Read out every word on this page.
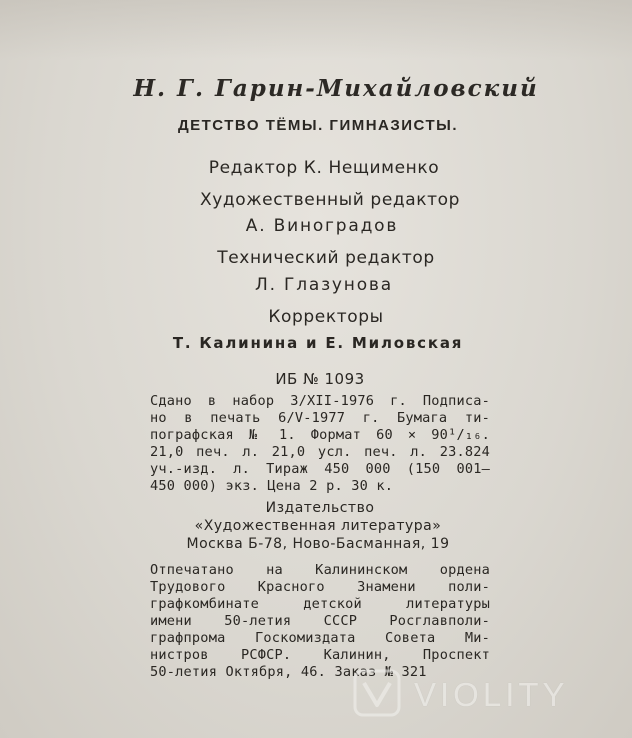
Н. Г. Гарин-Михайловский

ДЕТСТВО ТЁМЫ. ГИМНАЗИСТЫ.

Редактор К. Нещименко

Художественный редактор

А. Виноградов

Технический редактор

Л. Глазунова

Корректоры

Т. Калинина и Е. Миловская

ИБ № 1093

Сдано в набор 3/XII-1976 г. Подписа-
но в печать 6/V-1977 г. Бумага ти-
пографская № 1. Формат 60 × 90¹/₁₆.
21,0 печ. л. 21,0 усл. печ. л. 23.824
уч.-изд. л. Тираж 450 000 (150 001—
450 000) экз. Цена 2 р. 30 к.

Издательство

«Художественная литература»

Москва Б-78, Ново-Басманная, 19

Отпечатано на Калининском ордена
Трудового Красного Знамени поли-
графкомбинате детской литературы
имени 50-летия СССР Росглавполи-
графпрома Госкомиздата Совета Ми-
нистров РСФСР. Калинин, Проспект
50-летия Октября, 46. Заказ № 321
VIOLITY
